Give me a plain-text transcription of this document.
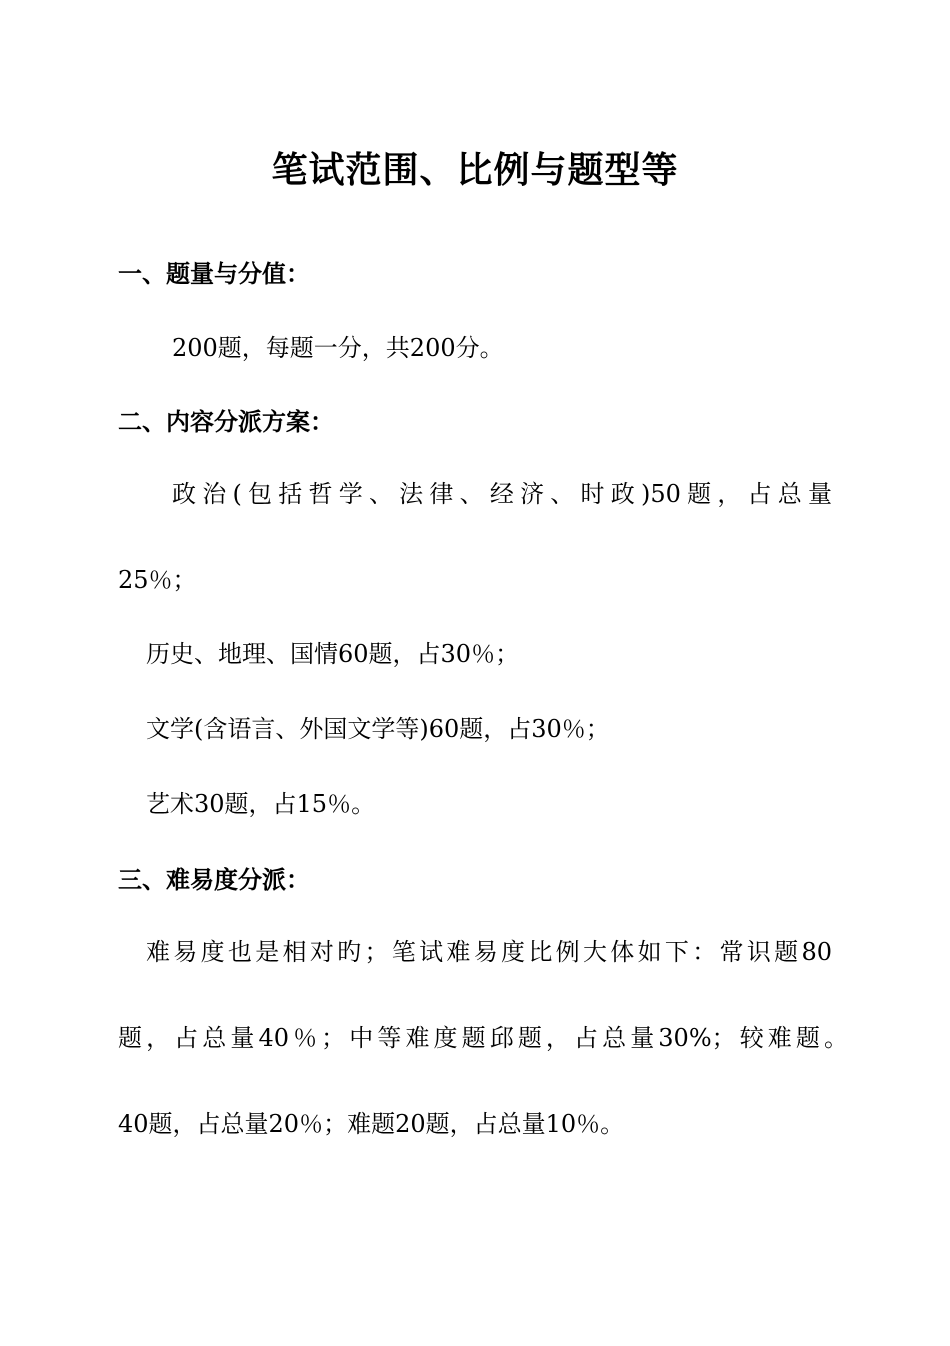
笔试范围、比例与题型等
一、题量与分值：
200题，每题一分，共200分。
二、内容分派方案：
政治(包括哲学、法律、经济、时政)50题，占总量
25％；
历史、地理、国情60题，占30％；
文学(含语言、外国文学等)60题，占30％；
艺术30题，占15％。
三、难易度分派：
难易度也是相对旳；笔试难易度比例大体如下：常识题80
题，占总量40％；中等难度题邱题，占总量30%；较难题。
40题，占总量20％；难题20题，占总量10％。
